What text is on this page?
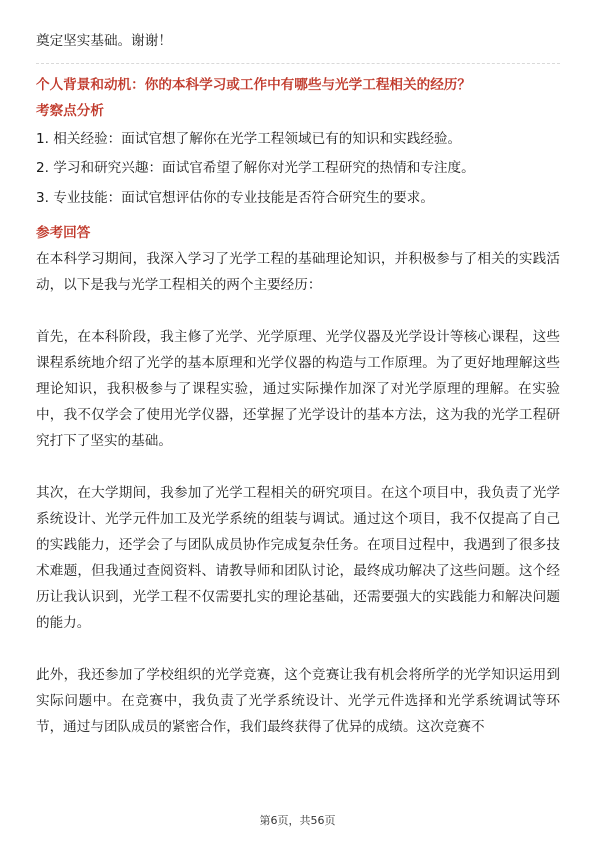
奠定坚实基础。谢谢！

个人背景和动机：你的本科学习或工作中有哪些与光学工程相关的经历？
考察点分析
1. 相关经验：面试官想了解你在光学工程领域已有的知识和实践经验。
2. 学习和研究兴趣：面试官希望了解你对光学工程研究的热情和专注度。
3. 专业技能：面试官想评估你的专业技能是否符合研究生的要求。
参考回答

在本科学习期间，我深入学习了光学工程的基础理论知识，并积极参与了相关的实践活动，以下是我与光学工程相关的两个主要经历：

首先，在本科阶段，我主修了光学、光学原理、光学仪器及光学设计等核心课程，这些课程系统地介绍了光学的基本原理和光学仪器的构造与工作原理。为了更好地理解这些理论知识，我积极参与了课程实验，通过实际操作加深了对光学原理的理解。在实验中，我不仅学会了使用光学仪器，还掌握了光学设计的基本方法，这为我的光学工程研究打下了坚实的基础。

其次，在大学期间，我参加了光学工程相关的研究项目。在这个项目中，我负责了光学系统设计、光学元件加工及光学系统的组装与调试。通过这个项目，我不仅提高了自己的实践能力，还学会了与团队成员协作完成复杂任务。在项目过程中，我遇到了很多技术难题，但我通过查阅资料、请教导师和团队讨论，最终成功解决了这些问题。这个经历让我认识到，光学工程不仅需要扎实的理论基础，还需要强大的实践能力和解决问题的能力。

此外，我还参加了学校组织的光学竞赛，这个竞赛让我有机会将所学的光学知识运用到实际问题中。在竞赛中，我负责了光学系统设计、光学元件选择和光学系统调试等环节，通过与团队成员的紧密合作，我们最终获得了优异的成绩。这次竞赛不

第6页，共56页
